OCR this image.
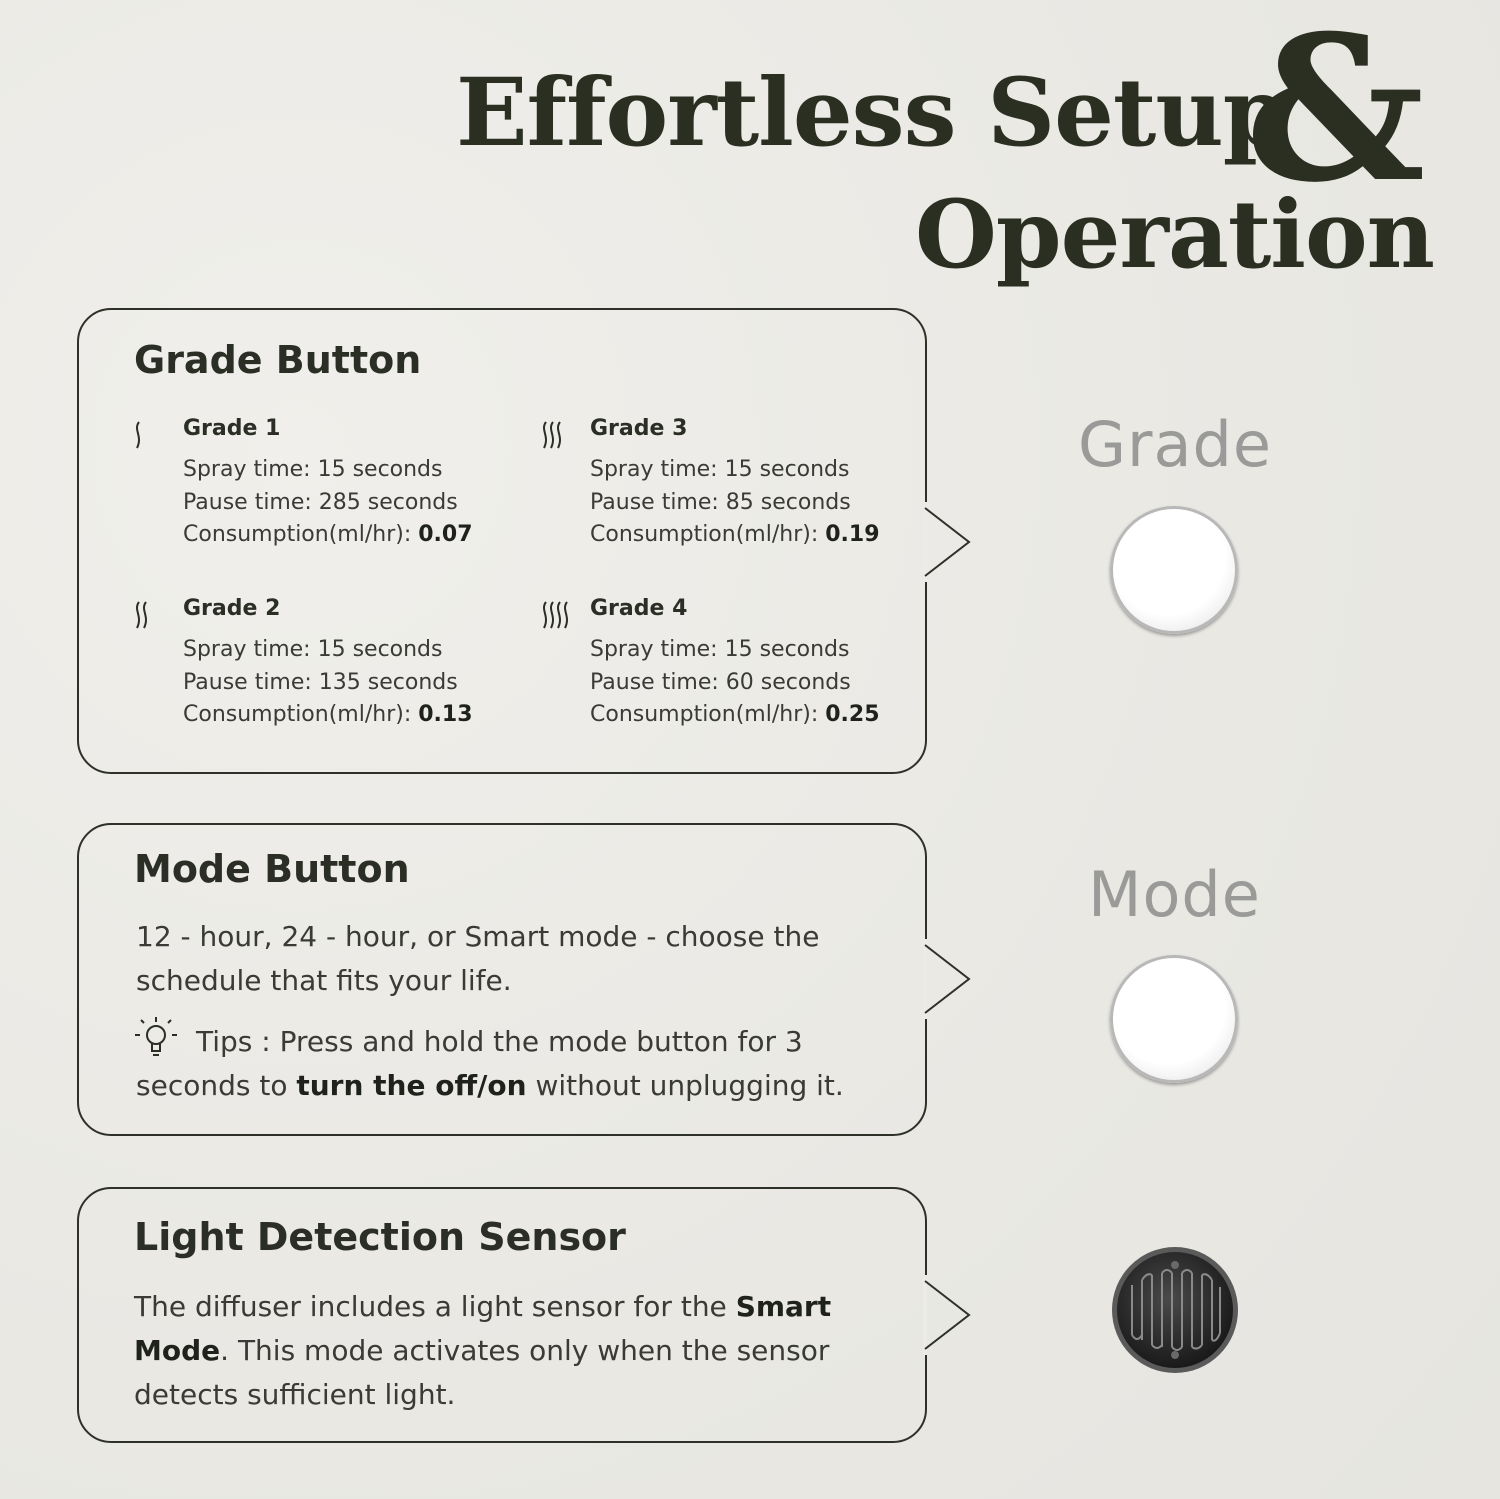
Effortless Setup
&
Operation
Grade Button
Grade 1
Spray time: 15 seconds
Pause time: 285 seconds
Consumption(ml/hr): 0.07
Grade 2
Spray time: 15 seconds
Pause time: 135 seconds
Consumption(ml/hr): 0.13
Grade 3
Spray time: 15 seconds
Pause time: 85 seconds
Consumption(ml/hr): 0.19
Grade 4
Spray time: 15 seconds
Pause time: 60 seconds
Consumption(ml/hr): 0.25
Mode Button

12 - hour, 24 - hour, or Smart mode - choose the schedule that fits your life.

Tips : Press and hold the mode button for 3 seconds to turn the off/on without unplugging it.

Light Detection Sensor

The diffuser includes a light sensor for the Smart Mode. This mode activates only when the sensor detects sufficient light.

Grade
Mode
